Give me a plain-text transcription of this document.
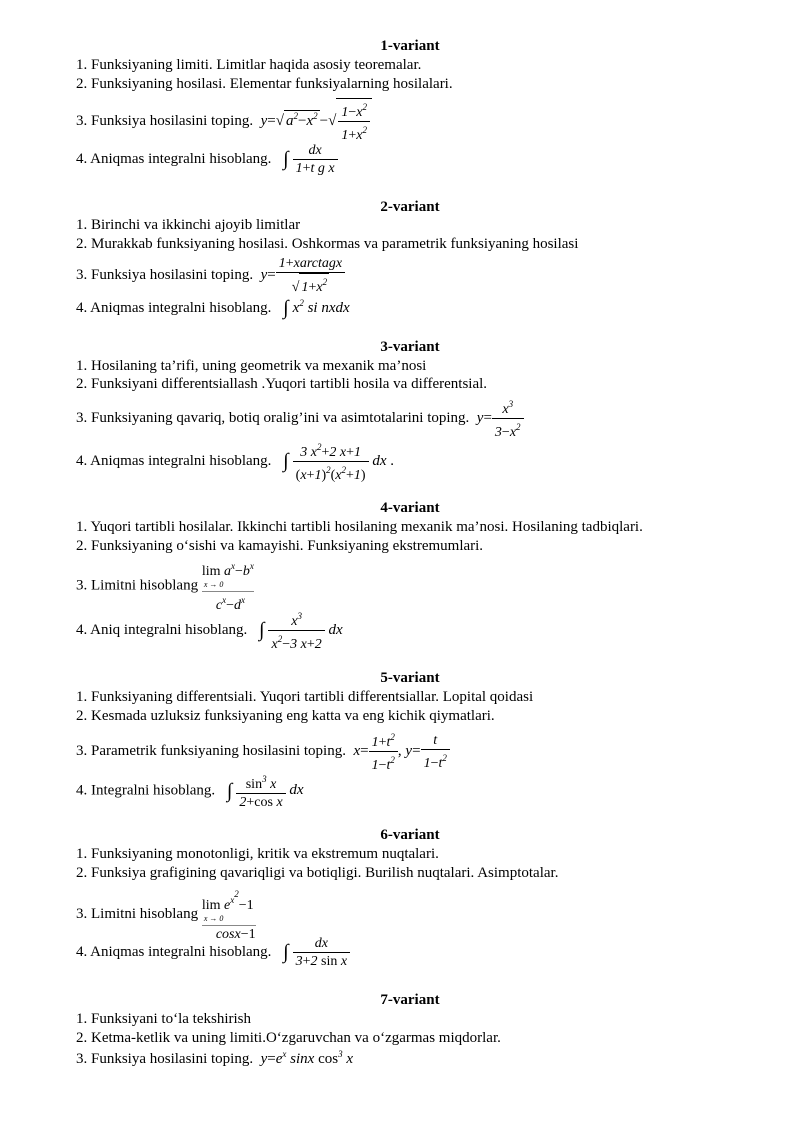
1-variant
1. Funksiyaning limiti. Limitlar haqida asosiy teoremalar.
2. Funksiyaning hosilasi. Elementar funksiyalarning hosilalari.
3. Funksiya hosilasini toping.  y=√ $a^2-x^2$ −√ $\frac{1-x^2}{1+x^2}$
4. Aniqmas integralni hisoblang. ∫ $\frac{dx}{\text{1+t g x}}$
2-variant
1. Birinchi va ikkinchi ajoyib limitlar
2. Murakkab funksiyaning hosilasi. Oshkormas va parametrik funksiyaning hosilasi
3. Funksiya hosilasini toping.  $y= \frac{\text{1+xarctagx}}{√ 1+x^2}$
4. Aniqmas integralni hisoblang. ∫ $x^2$ si nxdx
3-variant
1. Hosilaning ta’rifi, uning geometrik va mexanik ma’nosi
2. Funksiyani differentsiallash .Yuqori tartibli hosila va differentsial.
3. Funksiyaning qavariq, botiq oralig’ini va asimtotalarini toping.  $y= \frac{x^3}{3-x^2}$
4. Aniqmas integralni hisoblang. ∫ $\frac{3 x^2+2 x+1}{(x+1)^2(x^2+1)}$ dx .
4-variant
1. Yuqori tartibli hosilalar. Ikkinchi tartibli hosilaning mexanik ma’nosi. Hosilaning tadbiqlari.
2. Funksiyaning o‘sishi va kamayishi. Funksiyaning ekstremumlari.
3. Limitni hisoblang
$\lim a^x-b^x$
x → 0
$c^x-d^x$
4. Aniq integralni hisoblang. ∫ $\frac{x^3}{x^2-3 x+2}$ dx
5-variant
1. Funksiyaning differentsiali. Yuqori tartibli differentsiallar. Lopital qoidasi
2. Kesmada uzluksiz funksiyaning eng katta va eng kichik qiymatlari.
3. Parametrik funksiyaning hosilasini toping.  $x= \frac{1+t^2}{1-t^2}$ , $y= \frac{t}{1-t^2}$
4. Integralni hisoblang. ∫ $\frac{\sin^3 x}{\text{2+cos x}}$ dx
6-variant
1. Funksiyaning monotonligi, kritik va ekstremum nuqtalari.
2. Funksiya grafigining qavariqligi va botiqligi. Burilish nuqtalari. Asimptotalar.
3. Limitni hisoblang
$\lim e^{x^2}-1$
x → 0
cosx−1
4. Aniqmas integralni hisoblang. ∫ $\frac{dx}{\text{3+2 sin x}}$
7-variant
1. Funksiyani to‘la tekshirish
2. Ketma-ketlik va uning limiti.O‘zgaruvchan va o‘zgarmas miqdorlar.
3. Funksiya hosilasini toping.  $y=e^x$ sinx $\cos^3 x$
